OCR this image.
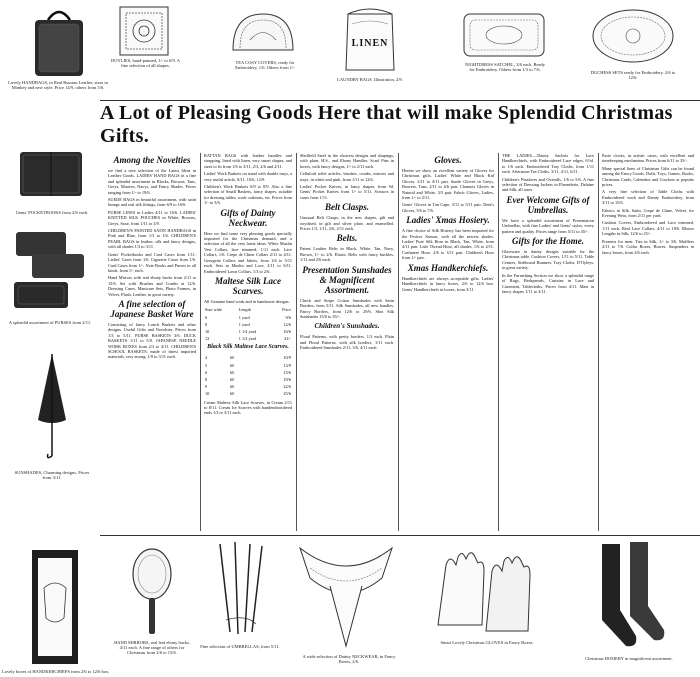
Lovely HANDBAGS, in Real Russian Leather, sizes in Monkey and new style. Price 14/9, others from 5/6.
DOYLIES, hand-painted, 1/- to 6/9. A fine selection of all shapes.
TEA COSY COVERS, ready for Embroidery, 1/6. Others from 1/-
LINEN
LAUNDRY BAGS. Illustration, 2/9.
NIGHTDRESS SATCHEL, 3/6 each. Ready for Embroidery. Others from 1/3 to 7/6.
DUCHESS SETS ready for Embroidery. 2/6 to 12/6.
Gents' POCKETBOOKS from 2/6 each.
A splendid assortment of PURSES from 2/11.
SUNSHADES, Charming designs. Prices from 3/11.
A Lot of Pleasing Goods Here that will make Splendid Christmas Gifts.
Among the Novelties

we find a nice selection of the Latest Ideas in Leather Goods. LADIES' HAND BAGS in a fine and splendid assortment in Blacks, Browns, Tans, Greys, Mauves, Navys, and Fancy Shades. Prices ranging from 1/- to 19/6.

SUEDE BAGS in beautiful assortment, with satin linings and real silk fittings, from 6/9 to 16/6.

PURSE LINES in Ladies 4/11 to 16/6. LADIES' KNITTED SILK POUCHES in White, Browns, Greys, Saxe, from 1/11 to 3/9.

CHILDREN'S PAINTED SATIN HANDBAGS in Pink and Blue, from 1/3 to 1/6. CHILDREN'S PEARL BAGS in leather, silk and fancy designs, with all shades 1/3 to 3/11.

Gents' Pocketbooks and Card Cases from 1/11. Ladies' Cases from 1/6. Cigarette Cases from 1/6. Card Cases from 1/-. Note Books and Purses in all kinds, from 1/- each.

Hand Mirrors with real ebony backs from 2/11 to 15/6. Set with Brushes and Combs at 12/6. Dressing Cases, Manicure Sets, Photo Frames, in Velvet, Plush, Leather, in great variety.

A fine selection of Japanese Basket Ware

Consisting of fancy Lunch Baskets and other designs. Useful Gifts and Novelties. Prices from 1/3 to 5/11. PURSE BASKETS 3/6. DUCK BASKETS 1/11 to 5/9. JAPANESE NEEDLE WORK BOXES from 2/3 to 4/11. CHILDREN'S SCHOOL BASKETS, made of finest imported materials, very strong, 1/9 to 3/11 each.

RATTAN BAGS with leather handles and strapping, lined with linen, very smart shapes, and sizes to fit from 1/6 to 3/11, 2/3, 2/6 and 2/11.

Ladies' Work Baskets on stand with double trays, a very useful article, 8/11, 10/6, 12/9.

Children's Work Baskets 6/9 to 8/9. Also a fine selection of Small Baskets, fancy shapes, suitable for dressing tables, work cushions, etc. Prices from 1/- to 3/6.

Gifts of Dainty Neckwear.

Here we find some very pleasing goods specially imported for the Christmas demand, and a selection of all the very latest ideas. White Muslin Vest Collars, lace trimmed, 1/11 each. Lace Collars, 1/6. Crepe de Chine Collars 2/11 to 4/11. Georgette Collars and Jabots, from 1/6 to 5/11 each. Sets in Muslin and Lace, 2/11 to 6/11. Embroidered Lawn Collars, 1/3 to 2/6.

Maltese Silk Lace Scarves.

All Genuine hand work and in handsome designs.

Size wide	Length	Price
6	1 yard	9/6
8	1 yard	12/6
10	1 1/4 yard	16/6
12	1 1/2 yard	21/-
Black Silk Maltese Lace Scarves.
4	60	10/9
5	60	13/9
6	60	15/6
8	60	19/6
9	60	22/6
10	60	25/6

Cream Maltese Silk Lace Scarves, in Cream 2/11 to 8/11. Cream Ice Scarves with handembroidered ends 1/3 to 3/11 each.

Sheffield Steel in the choicest designs and shapings, with plain, H.S., and Ebony Handles. Scarf Pins in boxes, with fancy designs, 1/- to 2/11 each.

Celluloid toilet articles, brushes, combs, mirrors and trays, in white and pink, from 1/11 to 12/6.

Ladies' Pocket Knives, in fancy shapes, from 9d. Gents' Pocket Knives from 1/- to 5/11. Scissors in cases from 1/11.

Belt Clasps.

Unusual Belt Clasps, in the new shapes, gilt and oxydised, in gilt and silver plate, and enamelled. Prices 1/3, 1/11, 2/6, 2/11 each.

Belts.

Patent Leather Belts in Black, White, Tan, Navy, Brown, 1/- to 2/6. Elastic Belts with fancy buckles, 1/11 and 2/6 each.

Presentation Sunshades & Magnificent Assortment.

Check and Stripe Cotton Sunshades with Satin Borders, from 5/11. Silk Sunshades, all new handles, Fancy Borders, from 12/6 to 29/6. Shot Silk Sunshades 15/6 to 35/-.

Children's Sunshades.

Floral Patterns, with pretty borders, 1/3 each. Plain and Floral Patterns, with silk borders, 1/11 each. Embroidered Sunshades 2/11, 3/6, 4/11 each.

Gloves.

Herein we show an excellent variety of Gloves for Christmas gifts. Ladies' White and Black Kid Gloves, 2/11 to 4/11 pair. Suede Gloves in Greys, Beavers, Tans, 2/11 to 4/6 pair. Chamois Gloves in Natural and White, 3/3 pair. Fabric Gloves, Ladies, from 1/- to 2/11.

Gents' Gloves in Tan Cape, 3/11 to 5/11 pair. Dent's Gloves, 5/6 to 7/6.

Ladies' Xmas Hosiery.

A fine choice of Silk Hosiery has been imported for the Festive Season, with all the newest shades. Ladies' Pure Silk Hose in Black, Tan, White, from 4/11 pair. Lisle Thread Hose, all shades, 1/6 to 2/11. Cashmere Hose, 2/6 to 3/11 pair. Children's Hose from 1/- pair.

Xmas Handkerchiefs.

Handkerchiefs are always acceptable gifts. Ladies' Handkerchiefs in fancy boxes, 2/6 to 12/6 box. Gents' Handkerchiefs in boxes, from 3/11.

THE LADIES.—Dainty Sachets for Lace Handkerchiefs, with Embroidered Lace edges, 6½d. to 1/6 each. Embroidered Tray Cloths, from 1/11 each. Afternoon Tea Cloths, 3/11, 4/11, 6/11.

Children's Pinafores and Overalls, 1/6 to 5/6. A fine selection of Dressing Jackets in Flannelette, Delaine and Silk, all sizes.

Ever Welcome Gifts of Umbrellas.

We have a splendid assortment of Presentation Umbrellas, with fine Ladies' and Gents' styles, every pattern and quality. Prices range from 5/11 to 45/-.

Gifts for the Home.

Glassware in dainty designs suitable for the Christmas table. Cushion Covers, 1/11 to 5/11. Table Centres, Sideboard Runners, Tray Cloths, D'Oyleys, in great variety.

In the Furnishing Section we show a splendid range of Rugs, Bedspreads, Curtains in Lace and Casement, Tablecloths. Prices from 4/11. Mats in fancy shapes 1/11 to 2/11.

Paste clocks, in artistic cases, with excellent and timekeeping mechanism. Prices from 6/11 to 35/-.

Many special lines of Christmas Gifts can be found among the Fancy Goods. Dolls, Toys, Games, Books, Christmas Cards, Calendars and Crackers at popular prices.

A very fine selection of Table Cloths with Embroidered work and Dainty Embroidery, from 3/11 to 15/6.

Fabrics in Silk, Satin, Crepe de Chine, Velvet, for Evening Wear, from 2/11 per yard.

Cushion Covers, Embroidered and Lace trimmed, 1/11 each. Real Lace Collars, 4/11 to 18/6. Blouse Lengths in Silk, 12/6 to 25/-.

Presents for men: Ties in Silk, 1/- to 3/6. Mufflers 2/11 to 7/6. Collar Boxes, Braces, Suspenders in fancy boxes, from 2/6 each.

Lovely boxes of HANDKERCHIEFS from 2/6 to 12/6 box.
HAND MIRRORS, real leaf ebony backs, 4/11 each. A fine range of others for Christmas from 2/6 to 15/6.
Fine selection of UMBRELLAS, from 5/11.
A wide selection of Dainty NECKWEAR, in Fancy Boxes, 2/6.
Smart Lovely Christmas GLOVES in Fancy Boxes.
Christmas HOSIERY in magnificent assortment.
